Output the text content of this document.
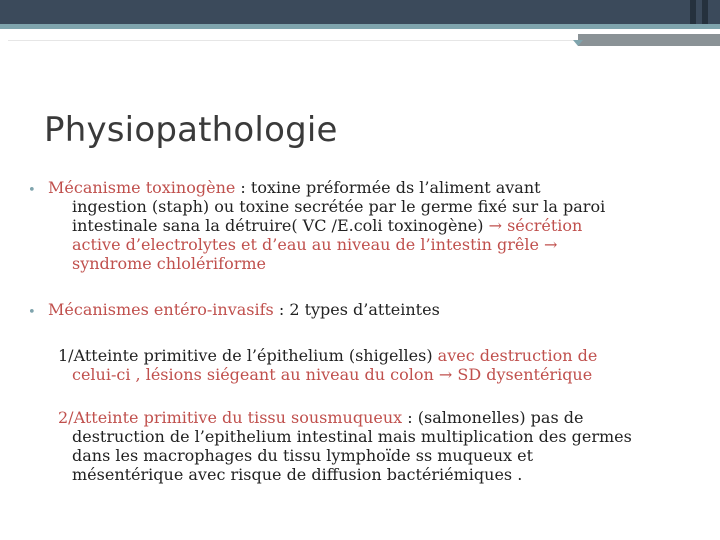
Physiopathologie
• Mécanisme toxinogène : toxine préformée ds l’aliment avant
ingestion (staph) ou toxine secrétée par le germe fixé sur la paroi
intestinale sana la détruire( VC /E.coli toxinogène) → sécrétion
active d’electrolytes et d’eau au niveau de l’intestin grêle →
syndrome chlolériforme
• Mécanismes entéro-invasifs : 2 types d’atteintes
1/Atteinte primitive de l’épithelium (shigelles) avec destruction de
celui-ci , lésions siégeant au niveau du colon → SD dysentérique
2/Atteinte primitive du tissu sousmuqueux : (salmonelles) pas de
destruction de l’epithelium intestinal mais multiplication des germes
dans les macrophages du tissu lymphoïde ss muqueux et
mésentérique avec risque de diffusion bactériémiques .
